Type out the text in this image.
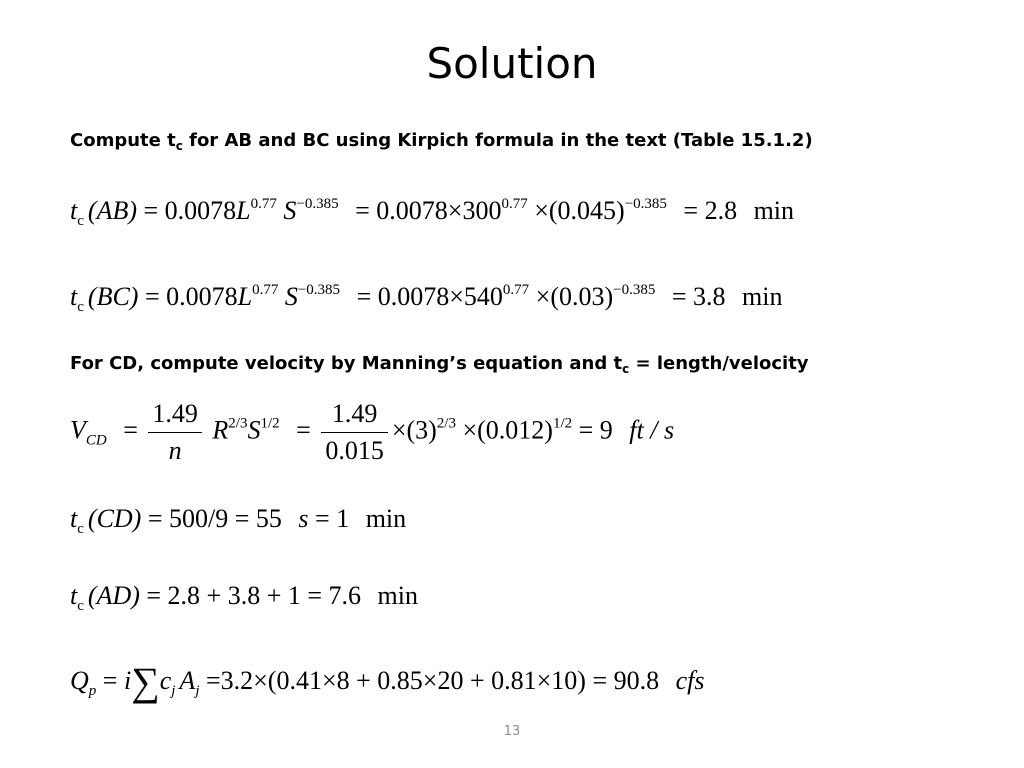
Solution
Compute $t_c$ for AB and BC using Kirpich formula in the text (Table 15.1.2)
$t_c$ $(AB) = 0.0078L^{0.77}$ $S^{-0.385} = 0.0078\times 300^{0.77} \times(0.045)^{-0.385} = 2.8$ min
$t_c$ $(BC) = 0.0078L^{0.77}$ $S^{-0.385} = 0.0078\times 540^{0.77} \times(0.03)^{-0.385} = 3.8$ min
For CD, compute velocity by Manning’s equation and $t_c$ = length/velocity
$V_{CD} = \frac{1.49}{n} R^{2/3}S^{1/2} = \frac{1.49}{0.015} \times(3)^{2/3} \times(0.012)^{1/2} = 9$ ft / s
$t_c$ (CD) = 500/9 = 55 s = 1 min
$t_c$ (AD) = 2.8 + 3.8 + 1 = 7.6 min
$Q_p = i\sum c_j$ $A_j =3.2\times(0.41\times 8 + 0.85\times 20 + 0.81\times 10) = 90.8$ cfs
13
